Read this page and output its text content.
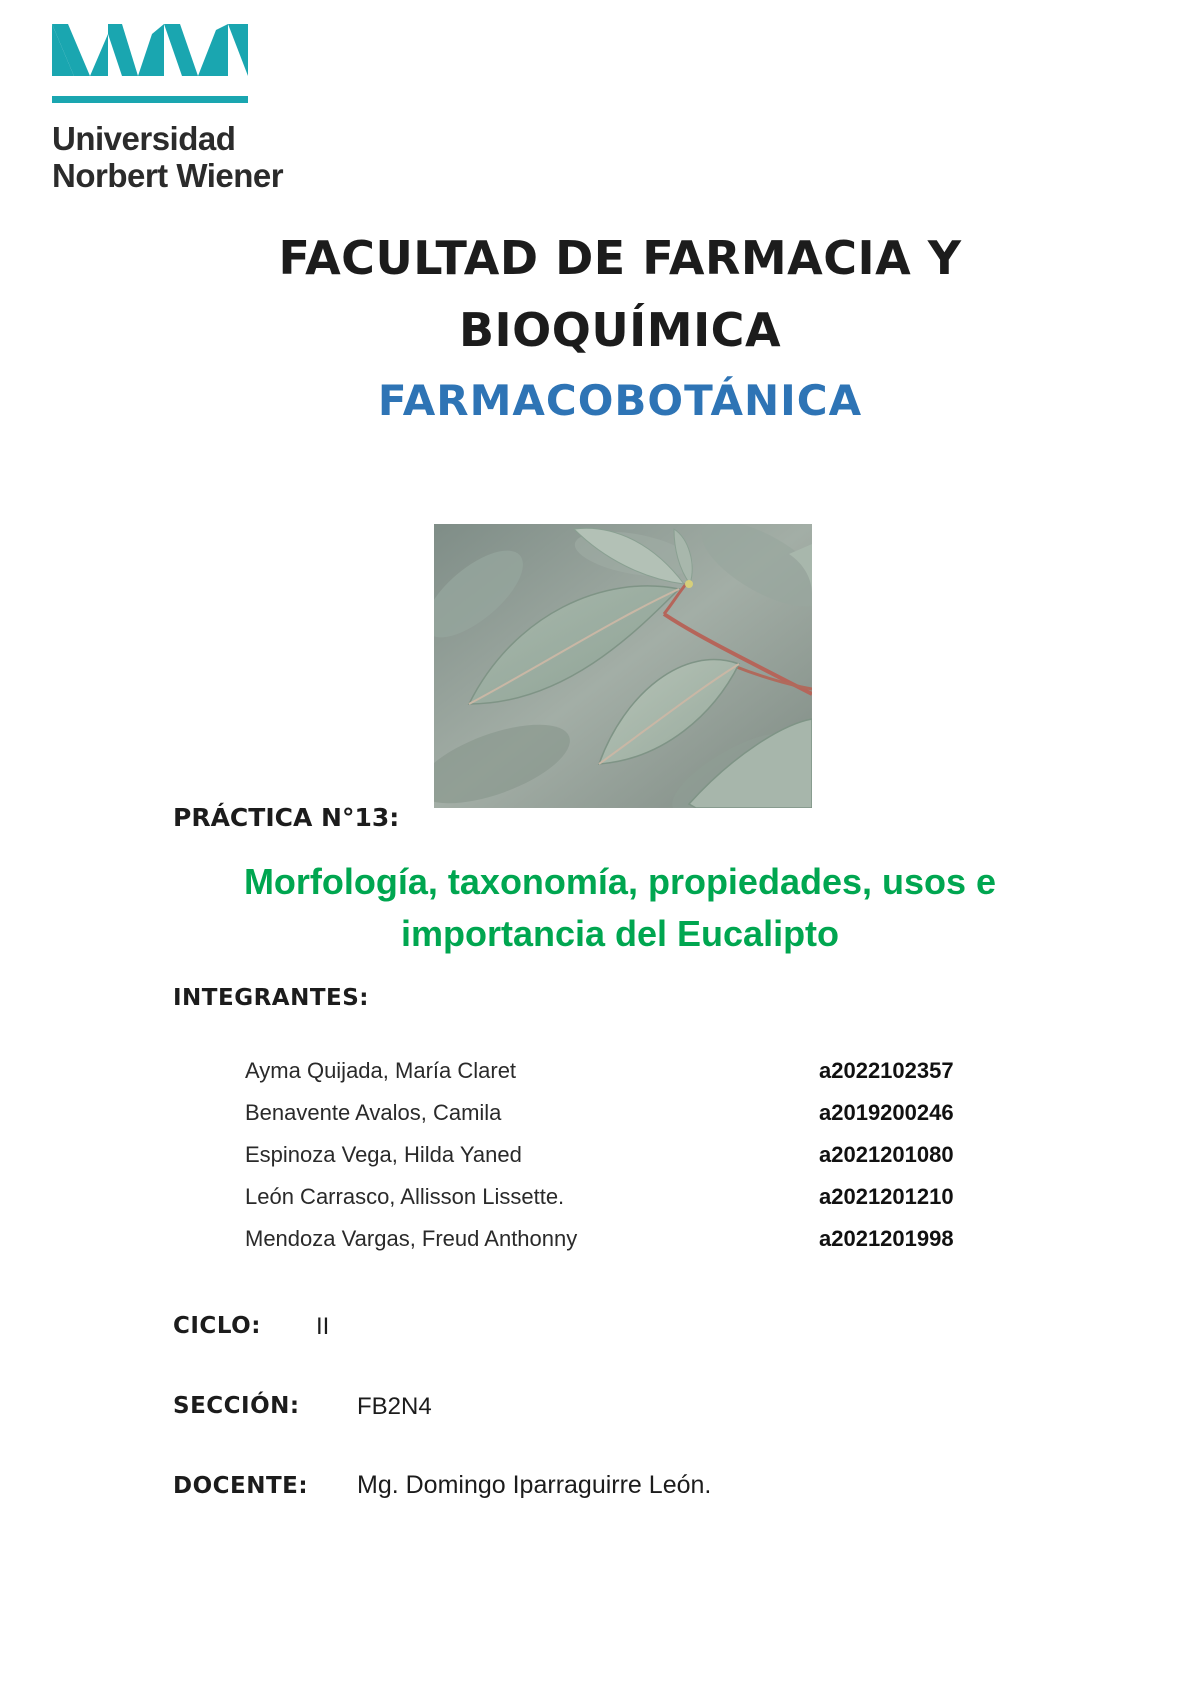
Universidad
Norbert Wiener
FACULTAD DE FARMACIA Y
BIOQUÍMICA
FARMACOBOTÁNICA
PRÁCTICA N°13:
Morfología, taxonomía, propiedades, usos e
importancia del Eucalipto
INTEGRANTES:
Ayma Quijada, María Claret	a2022102357
Benavente Avalos, Camila	a2019200246
Espinoza Vega, Hilda Yaned	a2021201080
León Carrasco, Allisson Lissette.	a2021201210
Mendoza Vargas, Freud Anthonny	a2021201998
CICLO: II
SECCIÓN: FB2N4
DOCENTE: Mg. Domingo Iparraguirre León.
